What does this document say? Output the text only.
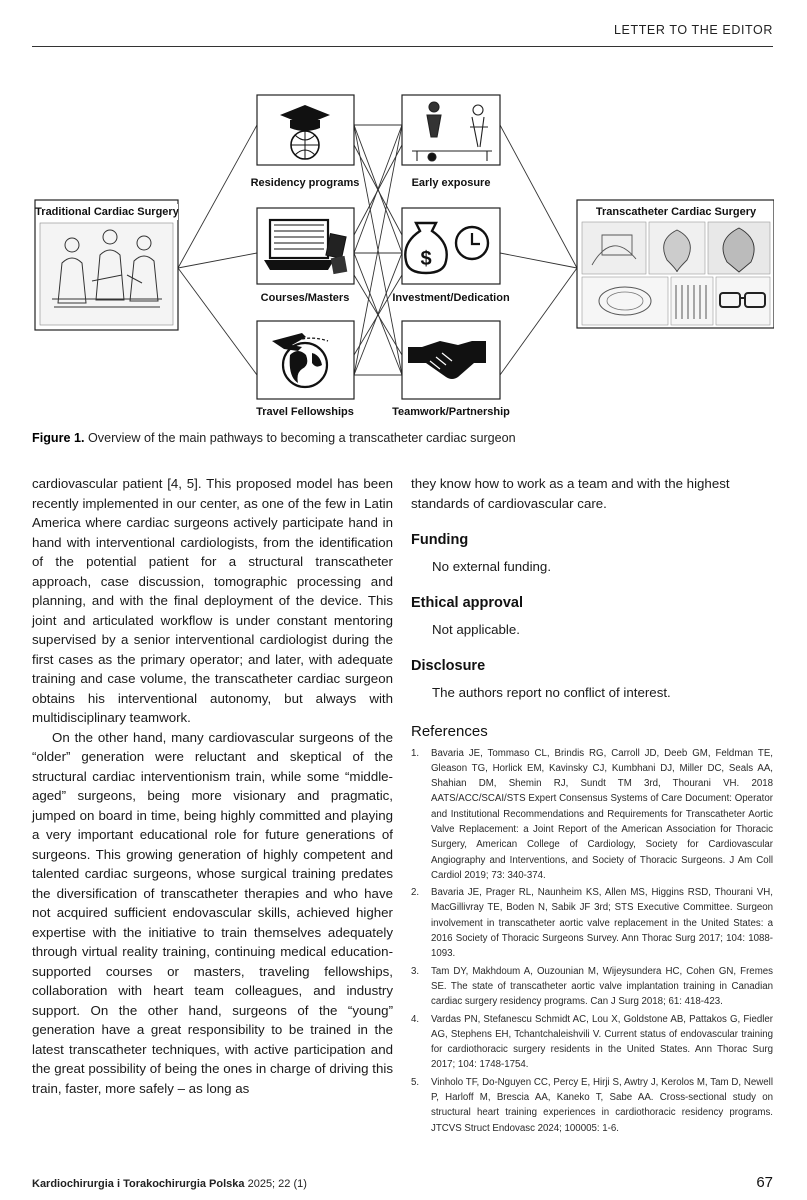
LETTER TO THE EDITOR
Traditional Cardiac Surgery	Transcatheter Cardiac Surgery
Residency programs	Early exposure
Courses/Masters
$
Investment/Dedication
Travel Fellowships	Teamwork/Partnership
Figure 1. Overview of the main pathways to becoming a transcatheter cardiac surgeon

cardiovascular patient [4, 5]. This proposed model has been recently implemented in our center, as one of the few in Latin America where cardiac surgeons actively participate hand in hand with interventional cardiologists, from the identification of the potential patient for a structural transcatheter approach, case discussion, tomographic processing and planning, and with the final deployment of the device. This joint and articulated workflow is under constant mentoring supervised by a senior interventional cardiologist during the first cases as the primary operator; and later, with adequate training and case volume, the transcatheter cardiac surgeon obtains his interventional autonomy, but always with multidisciplinary teamwork.

On the other hand, many cardiovascular surgeons of the “older” generation were reluctant and skeptical of the structural cardiac interventionism train, while some “middle-aged” surgeons, being more visionary and pragmatic, jumped on board in time, being highly committed and playing a very important educational role for future generations of surgeons. This growing generation of highly competent and talented cardiac surgeons, whose surgical training predates the diversification of transcatheter therapies and who have not acquired sufficient endovascular skills, achieved higher expertise with the initiative to train themselves adequately through virtual reality training, continuing medical education-supported courses or masters, traveling fellowships, collaboration with heart team colleagues, and industry support. On the other hand, surgeons of the “young” generation have a great responsibility to be trained in the latest transcatheter techniques, with active participation and the great possibility of being the ones in charge of driving this train, faster, more safely – as long as

they know how to work as a team and with the highest standards of cardiovascular care.

Funding
No external funding.
Ethical approval
Not applicable.
Disclosure
The authors report no conflict of interest.
References
1. Bavaria JE, Tommaso CL, Brindis RG, Carroll JD, Deeb GM, Feldman TE, Gleason TG, Horlick EM, Kavinsky CJ, Kumbhani DJ, Miller DC, Seals AA, Shahian DM, Shemin RJ, Sundt TM 3rd, Thourani VH. 2018 AATS/ACC/SCAI/STS Expert Consensus Systems of Care Document: Operator and Institutional Recommendations and Requirements for Transcatheter Aortic Valve Replacement: a Joint Report of the American Association for Thoracic Surgery, American College of Cardiology, Society for Cardiovascular Angiography and Interventions, and Society of Thoracic Surgeons. J Am Coll Cardiol 2019; 73: 340-374.
2. Bavaria JE, Prager RL, Naunheim KS, Allen MS, Higgins RSD, Thourani VH, MacGillivray TE, Boden N, Sabik JF 3rd; STS Executive Committee. Surgeon involvement in transcatheter aortic valve replacement in the United States: a 2016 Society of Thoracic Surgeons Survey. Ann Thorac Surg 2017; 104: 1088-1093.
3. Tam DY, Makhdoum A, Ouzounian M, Wijeysundera HC, Cohen GN, Fremes SE. The state of transcatheter aortic valve implantation training in Canadian cardiac surgery residency programs. Can J Surg 2018; 61: 418-423.
4. Vardas PN, Stefanescu Schmidt AC, Lou X, Goldstone AB, Pattakos G, Fiedler AG, Stephens EH, Tchantchaleishvili V. Current status of endovascular training for cardiothoracic surgery residents in the United States. Ann Thorac Surg 2017; 104: 1748-1754.
5. Vinholo TF, Do-Nguyen CC, Percy E, Hirji S, Awtry J, Kerolos M, Tam D, Newell P, Harloff M, Brescia AA, Kaneko T, Sabe AA. Cross-sectional study on structural heart training experiences in cardiothoracic residency programs. JTCVS Struct Endovasc 2024; 100005: 1-6.
Kardiochirurgia i Torakochirurgia Polska 2025; 22 (1)	67
